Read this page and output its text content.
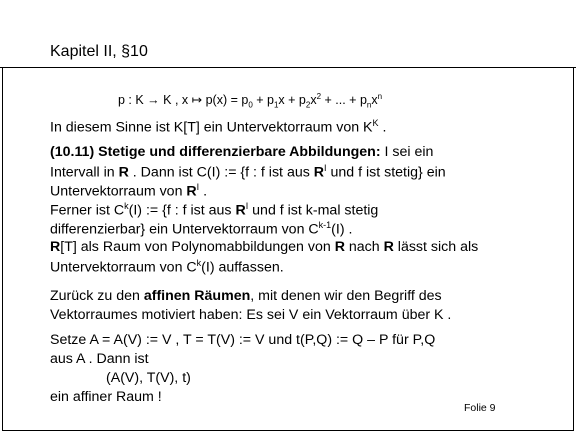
Kapitel II, §10
p : K → K , x ↦ $p(x) = p_0 + p_1x + p_2x^2$ + ... + $p_nx^n$
In diesem Sinne ist K[T] ein Untervektorraum von $K^K$ .
(10.11) Stetige und differenzierbare Abbildungen: I sei ein
Intervall in R . Dann ist C(I) := {f : f ist aus $R^I$ und f ist stetig} ein
Untervektorraum von $R^I$ .
Ferner ist $C^k(I)$ := {f : f ist aus $R^I$ und f ist k-mal stetig
differenzierbar} ein Untervektorraum von $C^{k-1}(I)$ .
R[T] als Raum von Polynomabbildungen von R nach R lässt sich als
Untervektorraum von $C^k(I)$ auffassen.
Zurück zu den affinen Räumen, mit denen wir den Begriff des
Vektorraumes motiviert haben: Es sei V ein Vektorraum über K .
Setze A = A(V) := V , T = T(V) := V und t(P,Q) := Q – P für P,Q
aus A . Dann ist
(A(V), T(V), t)
ein affiner Raum !
Folie 9
